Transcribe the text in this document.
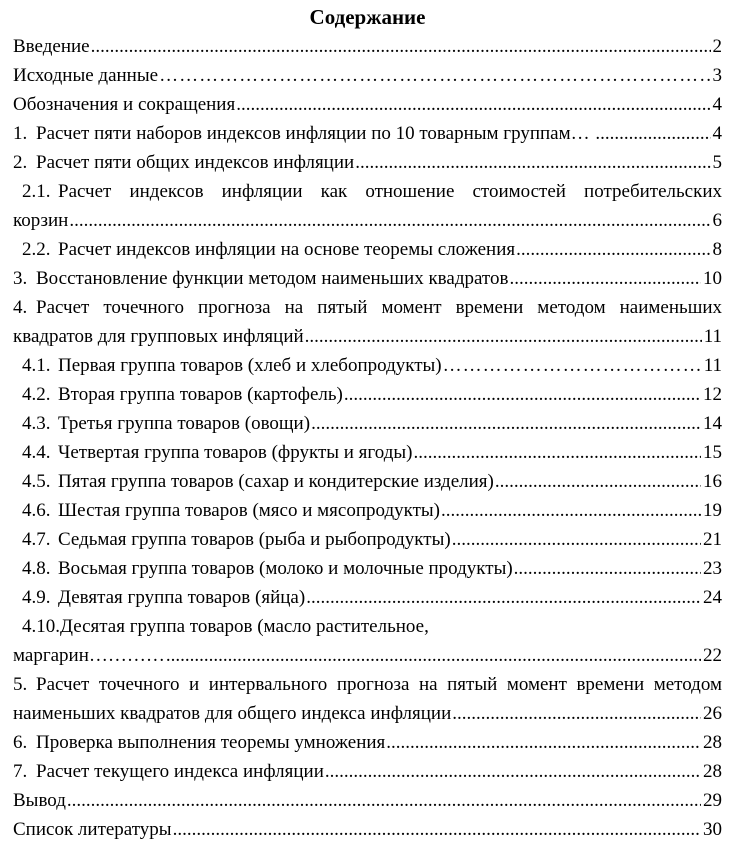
Содержание
Введение .....	2
Исходные данные ……………………………………………………………………………………………………………………………………	3
Обозначения и сокращения .....	4
1. Расчет пяти наборов индексов инфляции по 10 товарным группам… .....	4
2. Расчет пяти общих индексов инфляции .....	5
2.1. Расчет индексов инфляции как отношение стоимостей потребительских
корзин .....	6
2.2. Расчет индексов инфляции на основе теоремы сложения .....	8
3. Восстановление функции методом наименьших квадратов .....	10
4. Расчет точечного прогноза на пятый момент времени методом наименьших
квадратов для групповых инфляций .....	11
4.1. Первая группа товаров (хлеб и хлебопродукты) ……………………………………………………………………………………………………………………………………	11
4.2. Вторая группа товаров (картофель) .....	12
4.3. Третья группа товаров (овощи) .....	14
4.4. Четвертая группа товаров (фрукты и ягоды) .....	15
4.5. Пятая группа товаров (сахар и кондитерские изделия) .....	16
4.6. Шестая группа товаров (мясо и мясопродукты) .....	19
4.7. Седьмая группа товаров (рыба и рыбопродукты) .....	21
4.8. Восьмая группа товаров (молоко и молочные продукты) .....	23
4.9. Девятая группа товаров (яйца) .....	24
4.10.Десятая группа товаров (масло растительное,
маргарин………… .....	22
5. Расчет точечного и интервального прогноза на пятый момент времени методом
наименьших квадратов для общего индекса инфляции .....	26
6. Проверка выполнения теоремы умножения .....	28
7. Расчет текущего индекса инфляции .....	28
Вывод .....	29
Список литературы .....	30
